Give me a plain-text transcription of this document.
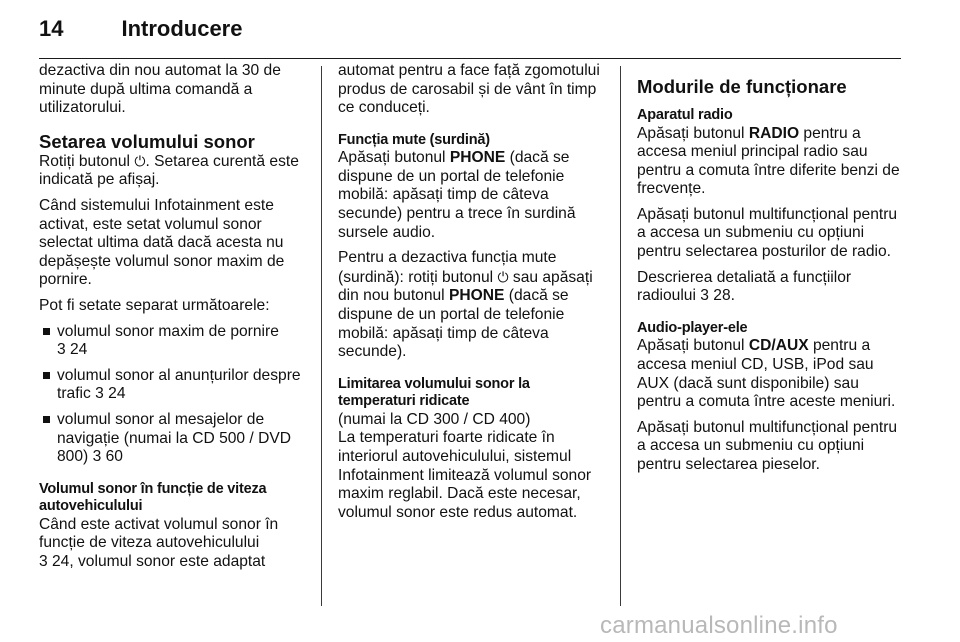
14	Introducere

dezactiva din nou automat la 30 de minute după ultima comandă a utilizatorului.

Setarea volumului sonor

Rotiți butonul ⏻. Setarea curentă este indicată pe afișaj.

Când sistemului Infotainment este activat, este setat volumul sonor selectat ultima dată dacă acesta nu depășește volumul sonor maxim de pornire.

Pot fi setate separat următoarele:

volumul sonor maxim de pornire
3 24
volumul sonor al anunțurilor despre trafic 3 24
volumul sonor al mesajelor de navigație (numai la CD 500 / DVD 800) 3 60
Volumul sonor în funcție de viteza autovehiculului

Când este activat volumul sonor în funcție de viteza autovehiculului

3 24, volumul sonor este adaptat

automat pentru a face față zgomotului produs de carosabil și de vânt în timp ce conduceți.

Funcția mute (surdină)

Apăsați butonul PHONE (dacă se dispune de un portal de telefonie mobilă: apăsați timp de câteva secunde) pentru a trece în surdină sursele audio.

Pentru a dezactiva funcția mute (surdină): rotiți butonul ⏻ sau apăsați din nou butonul PHONE (dacă se dispune de un portal de telefonie mobilă: apăsați timp de câteva secunde).

Limitarea volumului sonor la temperaturi ridicate

(numai la CD 300 / CD 400)

La temperaturi foarte ridicate în interiorul autovehiculului, sistemul Infotainment limitează volumul sonor maxim reglabil. Dacă este necesar, volumul sonor este redus automat.

Modurile de funcționare
Aparatul radio

Apăsați butonul RADIO pentru a accesa meniul principal radio sau pentru a comuta între diferite benzi de frecvențe.

Apăsați butonul multifuncțional pentru a accesa un submeniu cu opțiuni pentru selectarea posturilor de radio.

Descrierea detaliată a funcțiilor radioului 3 28.

Audio-player-ele

Apăsați butonul CD/AUX pentru a accesa meniul CD, USB, iPod sau AUX (dacă sunt disponibile) sau pentru a comuta între aceste meniuri.

Apăsați butonul multifuncțional pentru a accesa un submeniu cu opțiuni pentru selectarea pieselor.

carmanualsonline.info
